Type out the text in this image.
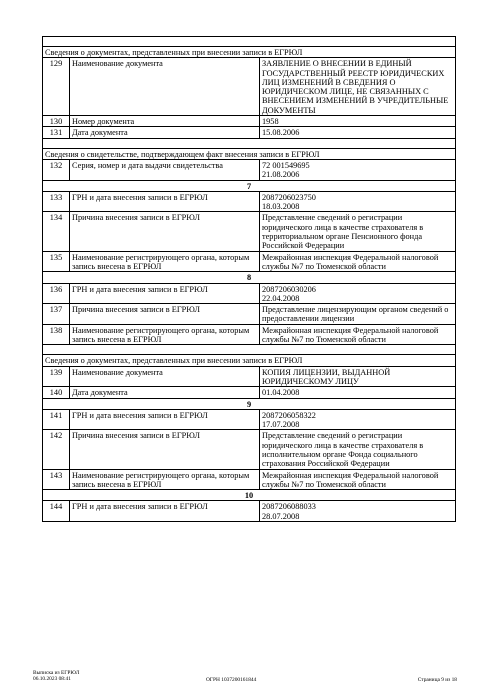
Сведения о документах, представленных при внесении записи в ЕГРЮЛ		
129	Наименование документа	ЗАЯВЛЕНИЕ О ВНЕСЕНИИ В ЕДИНЫЙ ГОСУДАРСТВЕННЫЙ РЕЕСТР ЮРИДИЧЕСКИХ ЛИЦ ИЗМЕНЕНИЙ В СВЕДЕНИЯ О ЮРИДИЧЕСКОМ ЛИЦЕ, НЕ СВЯЗАННЫХ С ВНЕСЕНИЕМ ИЗМЕНЕНИЙ В УЧРЕДИТЕЛЬНЫЕ ДОКУМЕНТЫ
130	Номер документа	1958
131	Дата документа	15.08.2006

Сведения о свидетельстве, подтверждающем факт внесения записи в ЕГРЮЛ		
132	Серия, номер и дата выдачи свидетельства	72 001549695
21.08.2006
7		
133	ГРН и дата внесения записи в ЕГРЮЛ	2087206023750
18.03.2008
134	Причина внесения записи в ЕГРЮЛ	Представление сведений о регистрации юридического лица в качестве страхователя в территориальном органе Пенсионного фонда Российской Федерации
135	Наименование регистрирующего органа, которым запись внесена в ЕГРЮЛ	Межрайонная инспекция Федеральной налоговой службы №7 по Тюменской области
8		
136	ГРН и дата внесения записи в ЕГРЮЛ	2087206030206
22.04.2008
137	Причина внесения записи в ЕГРЮЛ	Представление лицензирующим органом сведений о предоставлении лицензии
138	Наименование регистрирующего органа, которым запись внесена в ЕГРЮЛ	Межрайонная инспекция Федеральной налоговой службы №7 по Тюменской области

Сведения о документах, представленных при внесении записи в ЕГРЮЛ		
139	Наименование документа	КОПИЯ ЛИЦЕНЗИИ, ВЫДАННОЙ ЮРИДИЧЕСКОМУ ЛИЦУ
140	Дата документа	01.04.2008
9		
141	ГРН и дата внесения записи в ЕГРЮЛ	2087206058322
17.07.2008
142	Причина внесения записи в ЕГРЮЛ	Представление сведений о регистрации юридического лица в качестве страхователя в исполнительном органе Фонда социального страхования Российской Федерации
143	Наименование регистрирующего органа, которым запись внесена в ЕГРЮЛ	Межрайонная инспекция Федеральной налоговой службы №7 по Тюменской области
10		
144	ГРН и дата внесения записи в ЕГРЮЛ	2087206088033
28.07.2008
Выписка из ЕГРЮЛ
06.10.2023 08:41	ОГРН 1037200161844	Страница 9 из 18
